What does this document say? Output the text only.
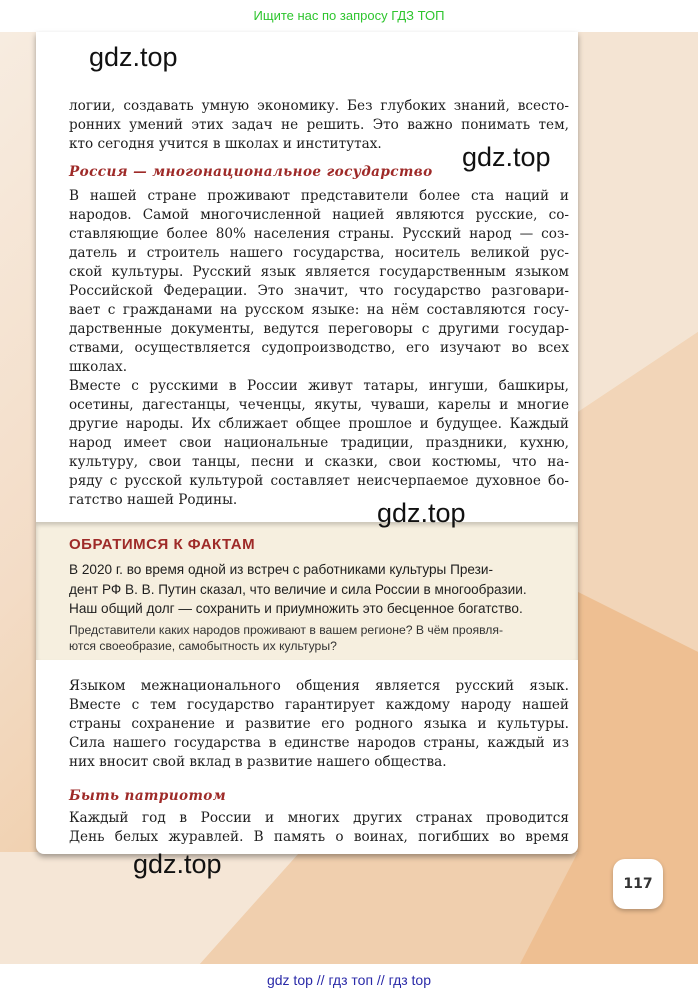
Ищите нас по запросу ГДЗ ТОП

логии, создавать умную экономику. Без глубоких знаний, всесто-
ронних умений этих задач не решить. Это важно понимать тем,
кто сегодня учится в школах и институтах.

Россия — многонациональное государство

В нашей стране проживают представители более ста наций и
народов. Самой многочисленной нацией являются русские, со-
ставляющие более 80% населения страны. Русский народ — соз-
датель и строитель нашего государства, носитель великой рус-
ской культуры. Русский язык является государственным языком
Российской Федерации. Это значит, что государство разговари-
вает с гражданами на русском языке: на нём составляются госу-
дарственные документы, ведутся переговоры с другими государ-
ствами, осуществляется судопроизводство, его изучают во всех
школах.

Вместе с русскими в России живут татары, ингуши, башкиры,
осетины, дагестанцы, чеченцы, якуты, чуваши, карелы и многие
другие народы. Их сближает общее прошлое и будущее. Каждый
народ имеет свои национальные традиции, праздники, кухню,
культуру, свои танцы, песни и сказки, свои костюмы, что на-
ряду с русской культурой составляет неисчерпаемое духовное бо-
гатство нашей Родины.

ОБРАТИМСЯ К ФАКТАМ
В 2020 г. во время одной из встреч с работниками культуры Прези-
дент РФ В. В. Путин сказал, что величие и сила России в многообразии.
Наш общий долг — сохранить и приумножить это бесценное богатство.
Представители каких народов проживают в вашем регионе? В чём проявля-
ются своеобразие, самобытность их культуры?

Языком межнационального общения является русский язык.
Вместе с тем государство гарантирует каждому народу нашей
страны сохранение и развитие его родного языка и культуры.
Сила нашего государства в единстве народов страны, каждый из
них вносит свой вклад в развитие нашего общества.

Быть патриотом

Каждый год в России и многих других странах проводится
День белых журавлей. В память о воинах, погибших во время

gdz.top
gdz.top
gdz.top
gdz.top
117
gdz top // гдз топ // гдз top
